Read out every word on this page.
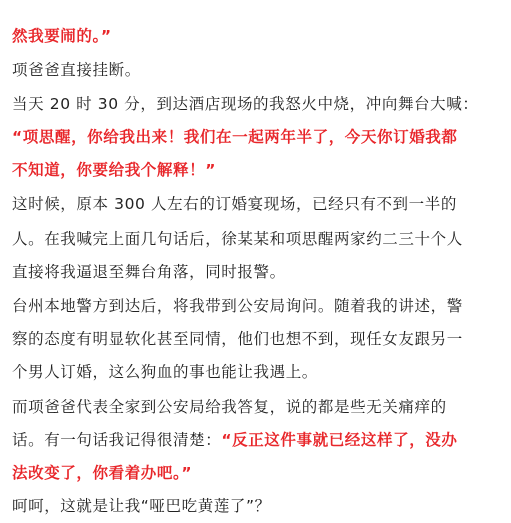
然我要闹的。”
项爸爸直接挂断。
当天 20 时 30 分，到达酒店现场的我怒火中烧，冲向舞台大喊：
“项思醒，你给我出来！我们在一起两年半了，今天你订婚我都
不知道，你要给我个解释！”
这时候，原本 300 人左右的订婚宴现场，已经只有不到一半的
人。在我喊完上面几句话后，徐某某和项思醒两家约二三十个人
直接将我逼退至舞台角落，同时报警。
台州本地警方到达后，将我带到公安局询问。随着我的讲述，警
察的态度有明显软化甚至同情，他们也想不到，现任女友跟另一
个男人订婚，这么狗血的事也能让我遇上。
而项爸爸代表全家到公安局给我答复，说的都是些无关痛痒的
话。有一句话我记得很清楚：“反正这件事就已经这样了，没办
法改变了，你看着办吧。”
呵呵，这就是让我“哑巴吃黄莲了”？
